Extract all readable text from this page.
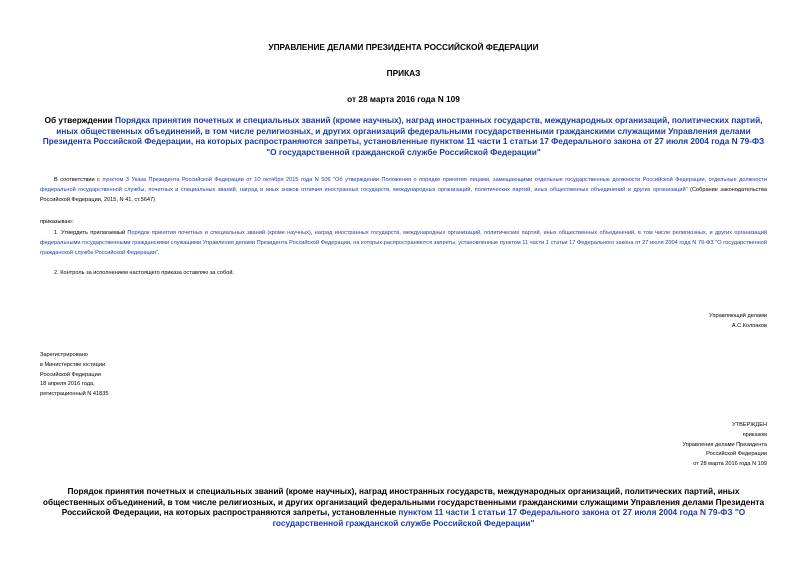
УПРАВЛЕНИЕ ДЕЛАМИ ПРЕЗИДЕНТА РОССИЙСКОЙ ФЕДЕРАЦИИ
ПРИКАЗ
от 28 марта 2016 года N 109
Об утверждении Порядка принятия почетных и специальных званий (кроме научных), наград иностранных государств, международных организаций, политических партий, иных общественных объединений, в том числе религиозных, и других организаций федеральными государственными гражданскими служащими Управления делами Президента Российской Федерации, на которых распространяются запреты, установленные пунктом 11 части 1 статьи 17 Федерального закона от 27 июля 2004 года N 79-ФЗ "О государственной гражданской службе Российской Федерации"
В соответствии с пунктом 3 Указа Президента Российской Федерации от 10 октября 2015 года N 506 "Об утверждении Положения о порядке принятия лицами, замещающими отдельные государственные должности Российской Федерации, отдельные должности федеральной государственной службы, почетных и специальных званий, наград и иных знаков отличия иностранных государств, международных организаций, политических партий, иных общественных объединений и других организаций" (Собрание законодательства Российской Федерации, 2015, N 41, ст.5647)
приказываю:
1. Утвердить прилагаемый Порядок принятия почетных и специальных званий (кроме научных), наград иностранных государств, международных организаций, политических партий, иных общественных объединений, в том числе религиозных, и других организаций федеральными государственными гражданскими служащими Управления делами Президента Российской Федерации, на которых распространяются запреты, установленные пунктом 11 части 1 статьи 17 Федерального закона от 27 июля 2004 года N 79-ФЗ "О государственной гражданской службе Российской Федерации".
2. Контроль за исполнением настоящего приказа оставляю за собой.
Управляющий делами
А.С.Колпаков
Зарегистрировано
в Министерстве юстиции
Российской Федерации
18 апреля 2016 года,
регистрационный N 41835
УТВЕРЖДЕН
приказом
Управления делами Президента
Российской Федерации
от 28 марта 2016 года N 109
Порядок принятия почетных и специальных званий (кроме научных), наград иностранных государств, международных организаций, политических партий, иных общественных объединений, в том числе религиозных, и других организаций федеральными государственными гражданскими служащими Управления делами Президента Российской Федерации, на которых распространяются запреты, установленные пунктом 11 части 1 статьи 17 Федерального закона от 27 июля 2004 года N 79-ФЗ "О государственной гражданской службе Российской Федерации"
